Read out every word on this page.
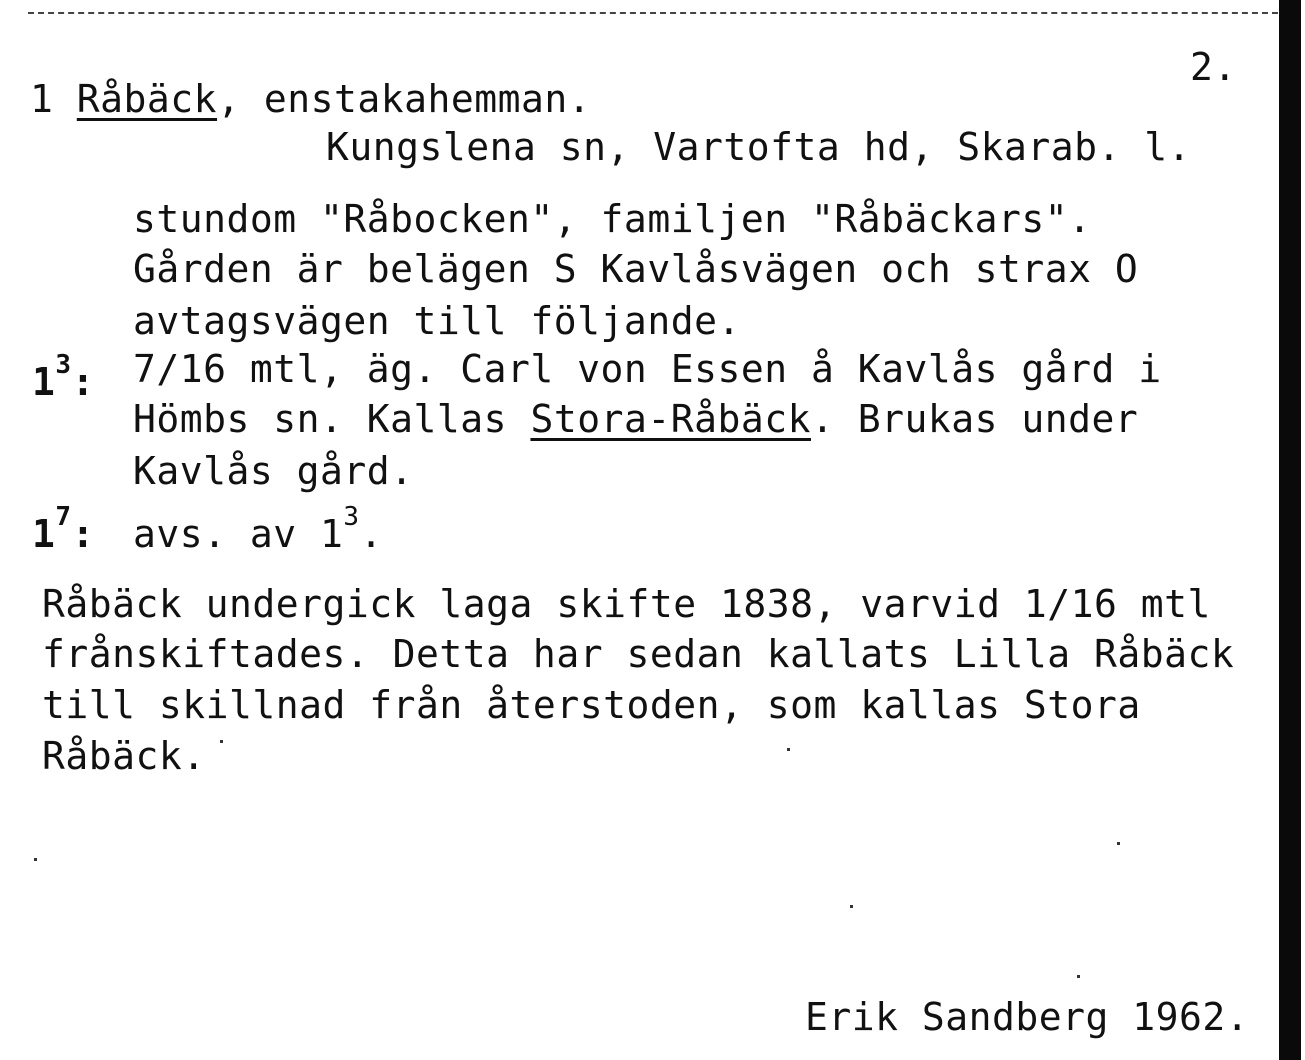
2.
1 Råbäck, enstakahemman.
Kungslena sn, Vartofta hd, Skarab. l.
stundom "Råbocken", familjen "Råbäckars".
Gården är belägen S Kavlåsvägen och strax O
avtagsvägen till följande.
$1^3$: 7/16 mtl, äg. Carl von Essen å Kavlås gård i
Hömbs sn. Kallas Stora-Råbäck. Brukas under
Kavlås gård.
$1^7$: avs. av $1^3$.
Råbäck undergick laga skifte 1838, varvid 1/16 mtl
frånskiftades. Detta har sedan kallats Lilla Råbäck
till skillnad från återstoden, som kallas Stora
Råbäck.
Erik Sandberg 1962.
